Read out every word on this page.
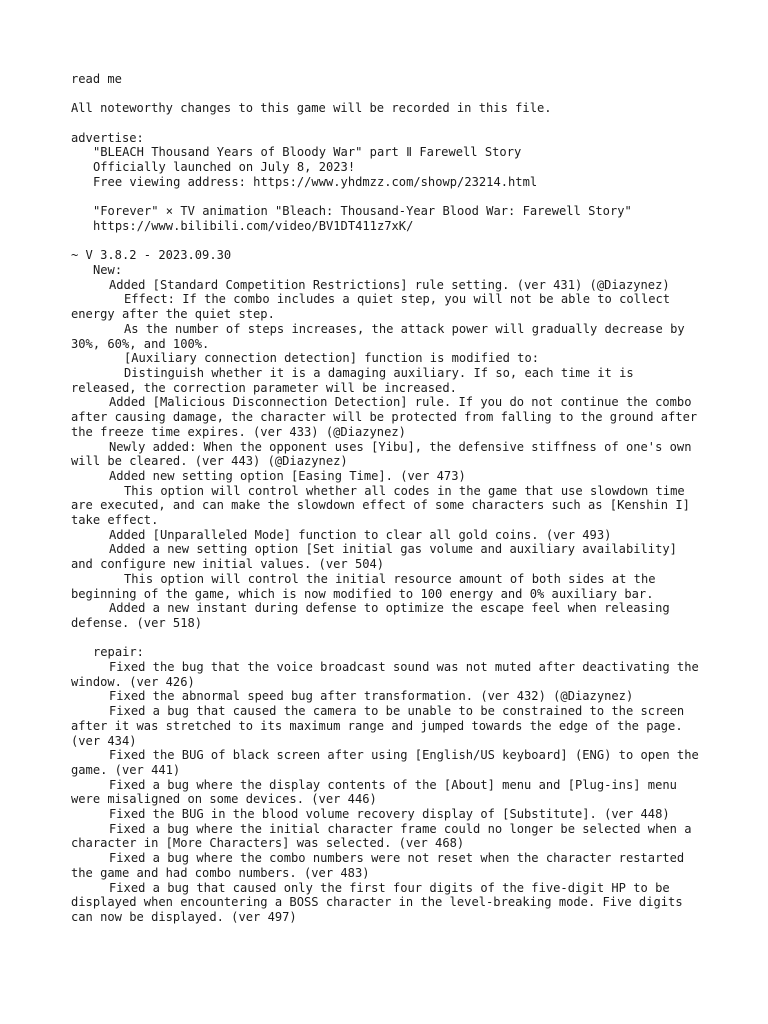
read me
All noteworthy changes to this game will be recorded in this file.
advertise:
"BLEACH Thousand Years of Bloody War" part Ⅱ Farewell Story
Officially launched on July 8, 2023!
Free viewing address: https://www.yhdmzz.com/showp/23214.html
"Forever" × TV animation "Bleach: Thousand-Year Blood War: Farewell Story"
https://www.bilibili.com/video/BV1DT411z7xK/
~ V 3.8.2 - 2023.09.30
New:
Added [Standard Competition Restrictions] rule setting. (ver 431) (@Diazynez)
Effect: If the combo includes a quiet step, you will not be able to collect energy after the quiet step.
As the number of steps increases, the attack power will gradually decrease by 30%, 60%, and 100%.
[Auxiliary connection detection] function is modified to:
Distinguish whether it is a damaging auxiliary. If so, each time it is released, the correction parameter will be increased.
Added [Malicious Disconnection Detection] rule. If you do not continue the combo after causing damage, the character will be protected from falling to the ground after the freeze time expires. (ver 433) (@Diazynez)
Newly added: When the opponent uses [Yibu], the defensive stiffness of one's own will be cleared. (ver 443) (@Diazynez)
Added new setting option [Easing Time]. (ver 473)
This option will control whether all codes in the game that use slowdown time are executed, and can make the slowdown effect of some characters such as [Kenshin I] take effect.
Added [Unparalleled Mode] function to clear all gold coins. (ver 493)
Added a new setting option [Set initial gas volume and auxiliary availability] and configure new initial values. (ver 504)
This option will control the initial resource amount of both sides at the beginning of the game, which is now modified to 100 energy and 0% auxiliary bar.
Added a new instant during defense to optimize the escape feel when releasing defense. (ver 518)
repair:
Fixed the bug that the voice broadcast sound was not muted after deactivating the window. (ver 426)
Fixed the abnormal speed bug after transformation. (ver 432) (@Diazynez)
Fixed a bug that caused the camera to be unable to be constrained to the screen after it was stretched to its maximum range and jumped towards the edge of the page. (ver 434)
Fixed the BUG of black screen after using [English/US keyboard] (ENG) to open the game. (ver 441)
Fixed a bug where the display contents of the [About] menu and [Plug-ins] menu were misaligned on some devices. (ver 446)
Fixed the BUG in the blood volume recovery display of [Substitute]. (ver 448)
Fixed a bug where the initial character frame could no longer be selected when a character in [More Characters] was selected. (ver 468)
Fixed a bug where the combo numbers were not reset when the character restarted the game and had combo numbers. (ver 483)
Fixed a bug that caused only the first four digits of the five-digit HP to be displayed when encountering a BOSS character in the level-breaking mode. Five digits can now be displayed. (ver 497)
